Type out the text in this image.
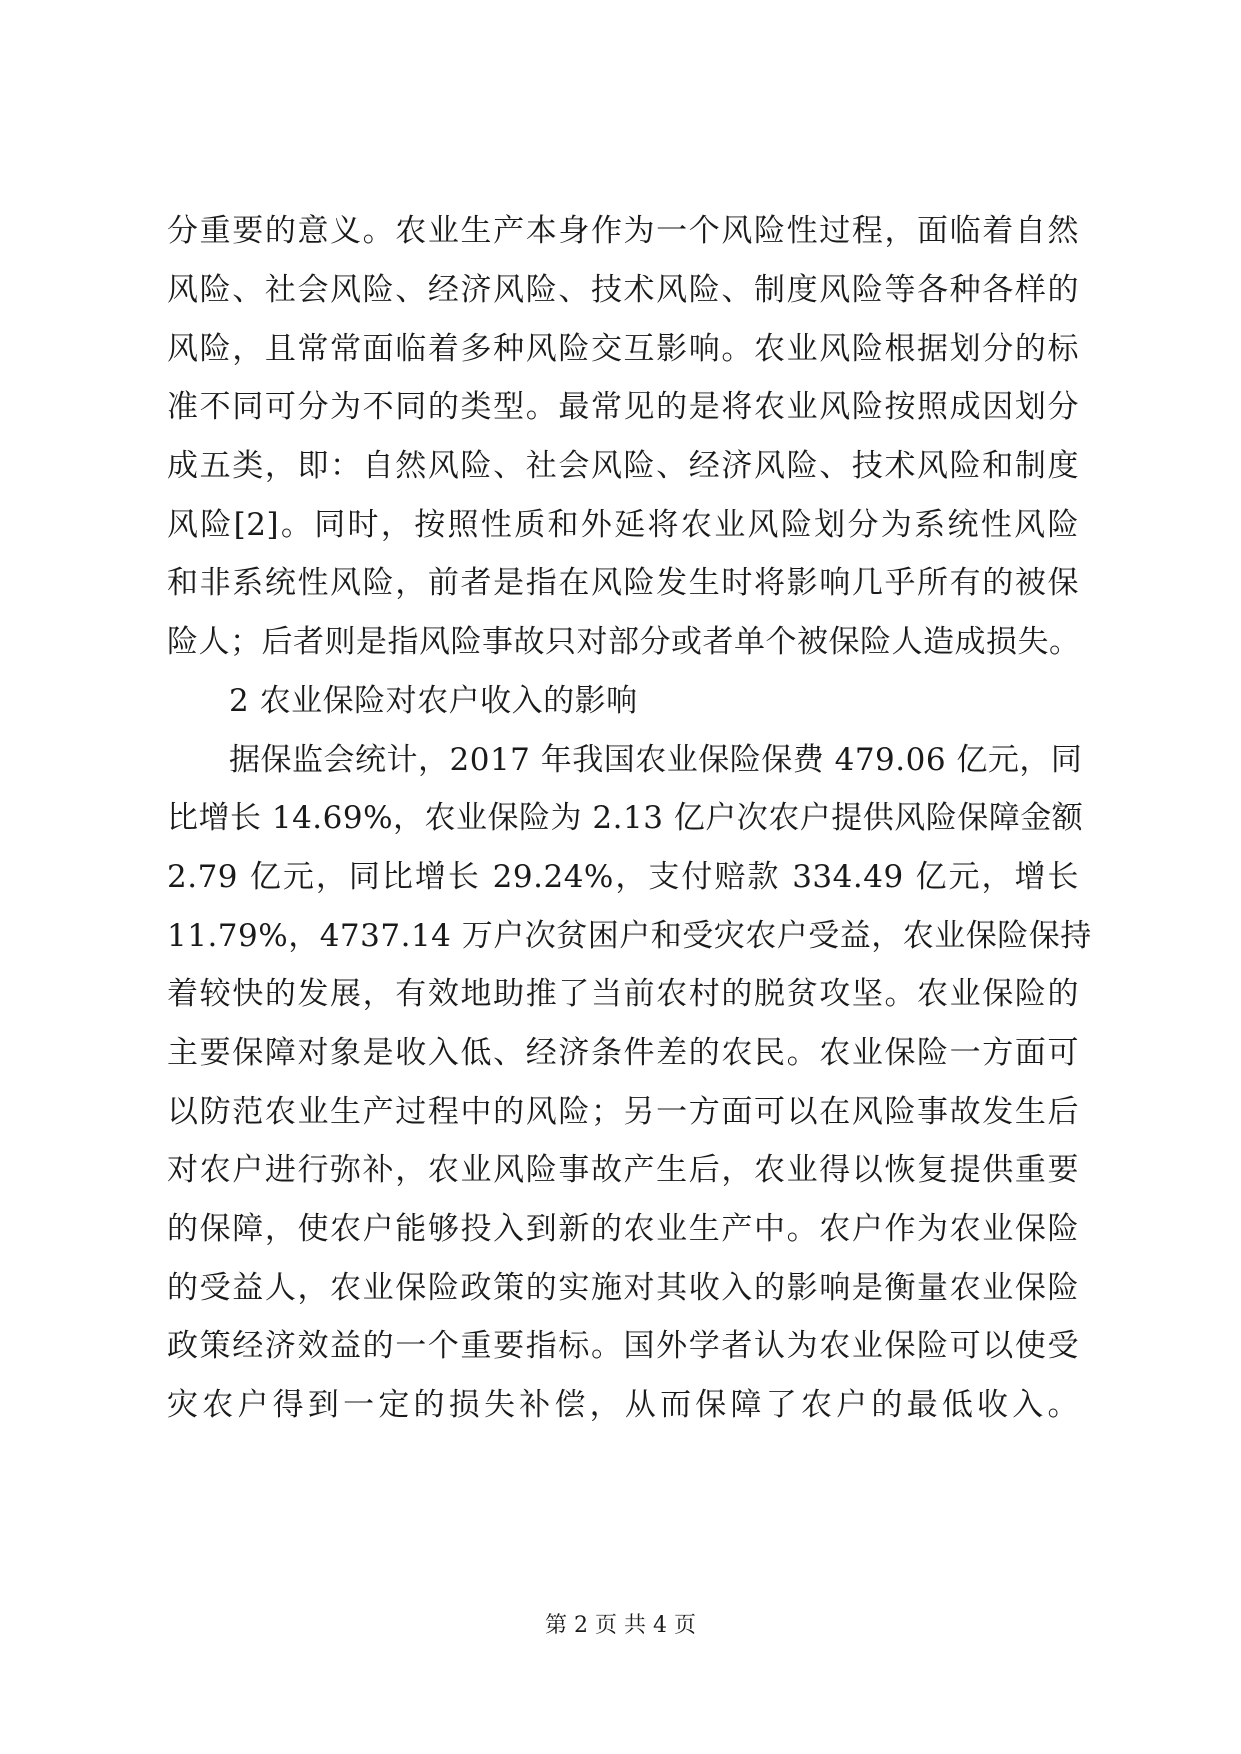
分重要的意义。农业生产本身作为一个风险性过程，面临着自然
风险、社会风险、经济风险、技术风险、制度风险等各种各样的
风险，且常常面临着多种风险交互影响。农业风险根据划分的标
准不同可分为不同的类型。最常见的是将农业风险按照成因划分
成五类，即：自然风险、社会风险、经济风险、技术风险和制度
风险[2]。同时，按照性质和外延将农业风险划分为系统性风险
和非系统性风险，前者是指在风险发生时将影响几乎所有的被保
险人；后者则是指风险事故只对部分或者单个被保险人造成损失。
2 农业保险对农户收入的影响
据保监会统计，2017 年我国农业保险保费 479.06 亿元，同
比增长 14.69%，农业保险为 2.13 亿户次农户提供风险保障金额
2.79 亿元，同比增长 29.24%，支付赔款 334.49 亿元，增长
11.79%，4737.14 万户次贫困户和受灾农户受益，农业保险保持
着较快的发展，有效地助推了当前农村的脱贫攻坚。农业保险的
主要保障对象是收入低、经济条件差的农民。农业保险一方面可
以防范农业生产过程中的风险；另一方面可以在风险事故发生后
对农户进行弥补，农业风险事故产生后，农业得以恢复提供重要
的保障，使农户能够投入到新的农业生产中。农户作为农业保险
的受益人，农业保险政策的实施对其收入的影响是衡量农业保险
政策经济效益的一个重要指标。国外学者认为农业保险可以使受
灾农户得到一定的损失补偿，从而保障了农户的最低收入。
第 2 页 共 4 页
